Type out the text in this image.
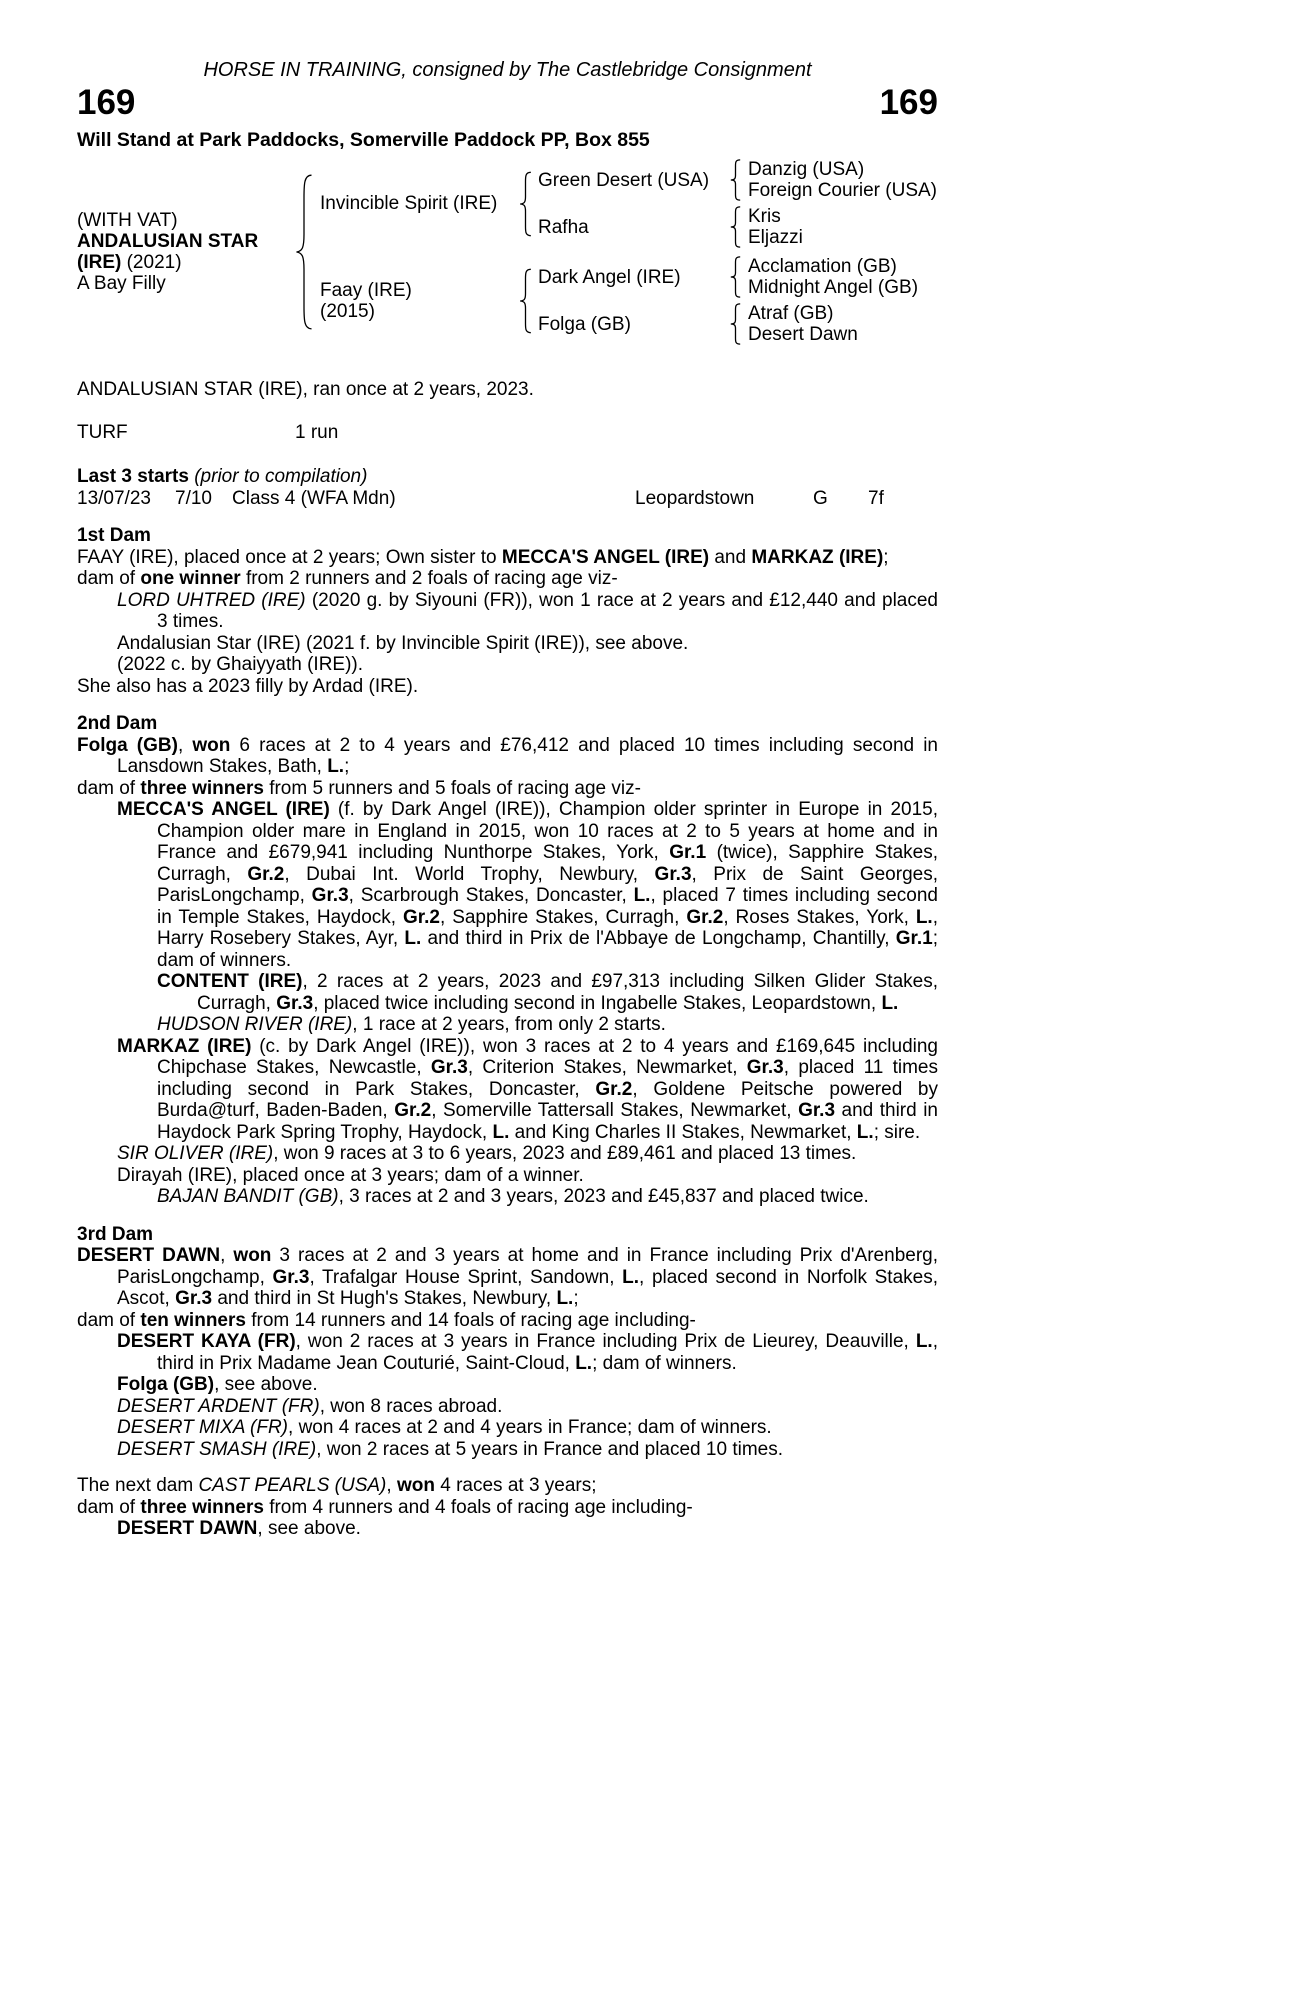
HORSE IN TRAINING, consigned by The Castlebridge Consignment
169	169
Will Stand at Park Paddocks, Somerville Paddock PP, Box 855
(WITH VAT)
ANDALUSIAN STAR (IRE) (2021)
A Bay Filly
Invincible Spirit (IRE)
Green Desert (USA)	Danzig (USA)
Foreign Courier (USA)
Rafha	Kris
Eljazzi
Faay (IRE)
(2015)
Dark Angel (IRE)	Acclamation (GB)
Midnight Angel (GB)
Folga (GB)	Atraf (GB)
Desert Dawn

ANDALUSIAN STAR (IRE), ran once at 2 years, 2023.

TURF	1 run

Last 3 starts (prior to compilation)

13/07/23	7/10	Class 4 (WFA Mdn)	Leopardstown	G	7f

1st Dam

FAAY (IRE), placed once at 2 years; Own sister to MECCA'S ANGEL (IRE) and MARKAZ (IRE);

dam of one winner from 2 runners and 2 foals of racing age viz-

LORD UHTRED (IRE) (2020 g. by Siyouni (FR)), won 1 race at 2 years and £12,440 and placed 3 times.

Andalusian Star (IRE) (2021 f. by Invincible Spirit (IRE)), see above.

(2022 c. by Ghaiyyath (IRE)).

She also has a 2023 filly by Ardad (IRE).

2nd Dam

Folga (GB), won 6 races at 2 to 4 years and £76,412 and placed 10 times including second in Lansdown Stakes, Bath, L.;

dam of three winners from 5 runners and 5 foals of racing age viz-

MECCA'S ANGEL (IRE) (f. by Dark Angel (IRE)), Champion older sprinter in Europe in 2015, Champion older mare in England in 2015, won 10 races at 2 to 5 years at home and in France and £679,941 including Nunthorpe Stakes, York, Gr.1 (twice), Sapphire Stakes, Curragh, Gr.2, Dubai Int. World Trophy, Newbury, Gr.3, Prix de Saint Georges, ParisLongchamp, Gr.3, Scarbrough Stakes, Doncaster, L., placed 7 times including second in Temple Stakes, Haydock, Gr.2, Sapphire Stakes, Curragh, Gr.2, Roses Stakes, York, L., Harry Rosebery Stakes, Ayr, L. and third in Prix de l'Abbaye de Longchamp, Chantilly, Gr.1; dam of winners.

CONTENT (IRE), 2 races at 2 years, 2023 and £97,313 including Silken Glider Stakes, Curragh, Gr.3, placed twice including second in Ingabelle Stakes, Leopardstown, L.

HUDSON RIVER (IRE), 1 race at 2 years, from only 2 starts.

MARKAZ (IRE) (c. by Dark Angel (IRE)), won 3 races at 2 to 4 years and £169,645 including Chipchase Stakes, Newcastle, Gr.3, Criterion Stakes, Newmarket, Gr.3, placed 11 times including second in Park Stakes, Doncaster, Gr.2, Goldene Peitsche powered by Burda@turf, Baden-Baden, Gr.2, Somerville Tattersall Stakes, Newmarket, Gr.3 and third in Haydock Park Spring Trophy, Haydock, L. and King Charles II Stakes, Newmarket, L.; sire.

SIR OLIVER (IRE), won 9 races at 3 to 6 years, 2023 and £89,461 and placed 13 times.

Dirayah (IRE), placed once at 3 years; dam of a winner.

BAJAN BANDIT (GB), 3 races at 2 and 3 years, 2023 and £45,837 and placed twice.

3rd Dam

DESERT DAWN, won 3 races at 2 and 3 years at home and in France including Prix d'Arenberg, ParisLongchamp, Gr.3, Trafalgar House Sprint, Sandown, L., placed second in Norfolk Stakes, Ascot, Gr.3 and third in St Hugh's Stakes, Newbury, L.;

dam of ten winners from 14 runners and 14 foals of racing age including-

DESERT KAYA (FR), won 2 races at 3 years in France including Prix de Lieurey, Deauville, L., third in Prix Madame Jean Couturié, Saint-Cloud, L.; dam of winners.

Folga (GB), see above.

DESERT ARDENT (FR), won 8 races abroad.

DESERT MIXA (FR), won 4 races at 2 and 4 years in France; dam of winners.

DESERT SMASH (IRE), won 2 races at 5 years in France and placed 10 times.

The next dam CAST PEARLS (USA), won 4 races at 3 years;

dam of three winners from 4 runners and 4 foals of racing age including-

DESERT DAWN, see above.
